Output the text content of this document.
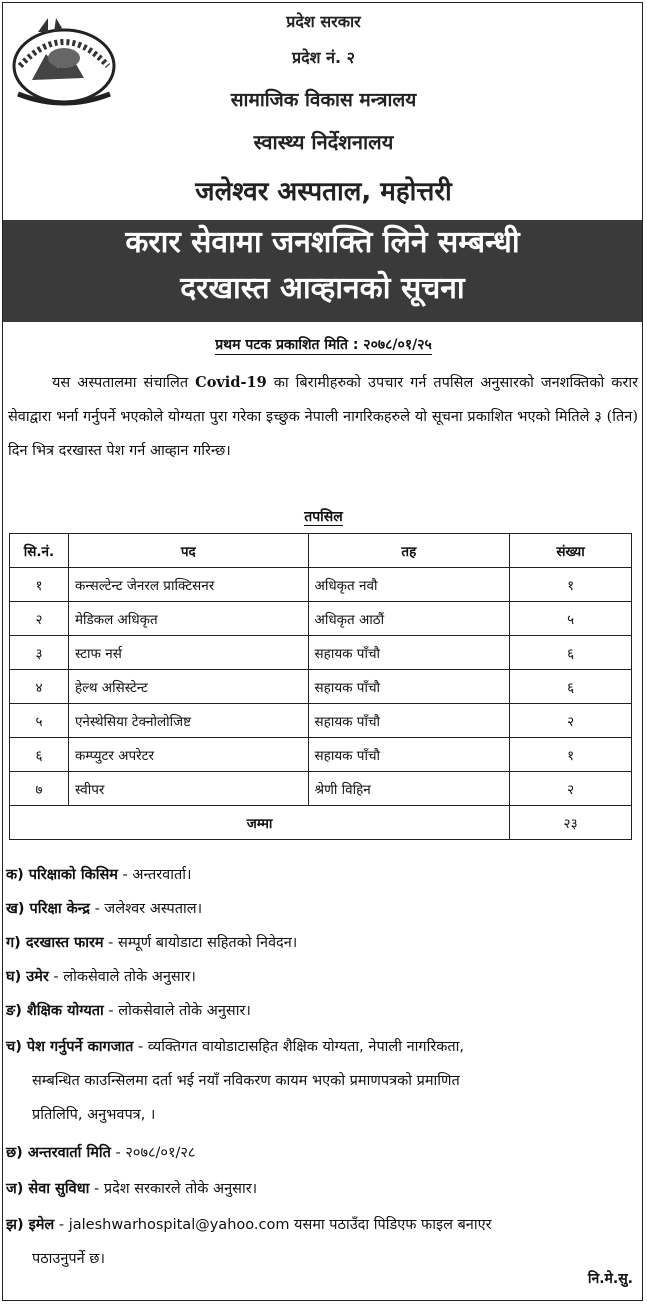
प्रदेश सरकार
प्रदेश नं. २
सामाजिक विकास मन्त्रालय
स्वास्थ्य निर्देशनालय
जलेश्वर अस्पताल, महोत्तरी
करार सेवामा जनशक्ति लिने सम्बन्धी
दरखास्त आव्हानको सूचना
प्रथम पटक प्रकाशित मिति : २०७८/०१/२५
यस अस्पतालमा संचालित Covid-19 का बिरामीहरुको उपचार गर्न तपसिल अनुसारको जनशक्तिको करार सेवाद्वारा भर्ना गर्नुपर्ने भएकोले योग्यता पुरा गरेका इच्छुक नेपाली नागरिकहरुले यो सूचना प्रकाशित भएको मितिले ३ (तिन) दिन भित्र दरखास्त पेश गर्न आव्हान गरिन्छ।
तपसिल
सि.नं.	पद	तह	संख्या
१	कन्सल्टेन्ट जेनरल प्राक्टिसनर	अधिकृत नवौ	१
२	मेडिकल अधिकृत	अधिकृत आठौं	५
३	स्टाफ नर्स	सहायक पाँचौ	६
४	हेल्थ असिस्टेन्ट	सहायक पाँचौ	६
५	एनेस्थेसिया टेक्नोलोजिष्ट	सहायक पाँचौ	२
६	कम्प्युटर अपरेटर	सहायक पाँचौ	१
७	स्वीपर	श्रेणी विहिन	२
जम्मा			२३
क) परिक्षाको किसिम - अन्तरवार्ता।
ख) परिक्षा केन्द्र - जलेश्वर अस्पताल।
ग) दरखास्त फारम - सम्पूर्ण बायोडाटा सहितको निवेदन।
घ) उमेर - लोकसेवाले तोके अनुसार।
ङ) शैक्षिक योग्यता - लोकसेवाले तोके अनुसार।
च) पेश गर्नुपर्ने कागजात - व्यक्तिगत वायोडाटासहित शैक्षिक योग्यता, नेपाली नागरिकता,
सम्बन्धित काउन्सिलमा दर्ता भई नयाँ नविकरण कायम भएको प्रमाणपत्रको प्रमाणित
प्रतिलिपि, अनुभवपत्र, ।
छ) अन्तरवार्ता मिति - २०७८/०१/२८
ज) सेवा सुविधा - प्रदेश सरकारले तोके अनुसार।
झ) इमेल - jaleshwarhospital@yahoo.com यसमा पठाउँदा पिडिएफ फाइल बनाएर
पठाउनुपर्ने छ।
नि.मे.सु.
